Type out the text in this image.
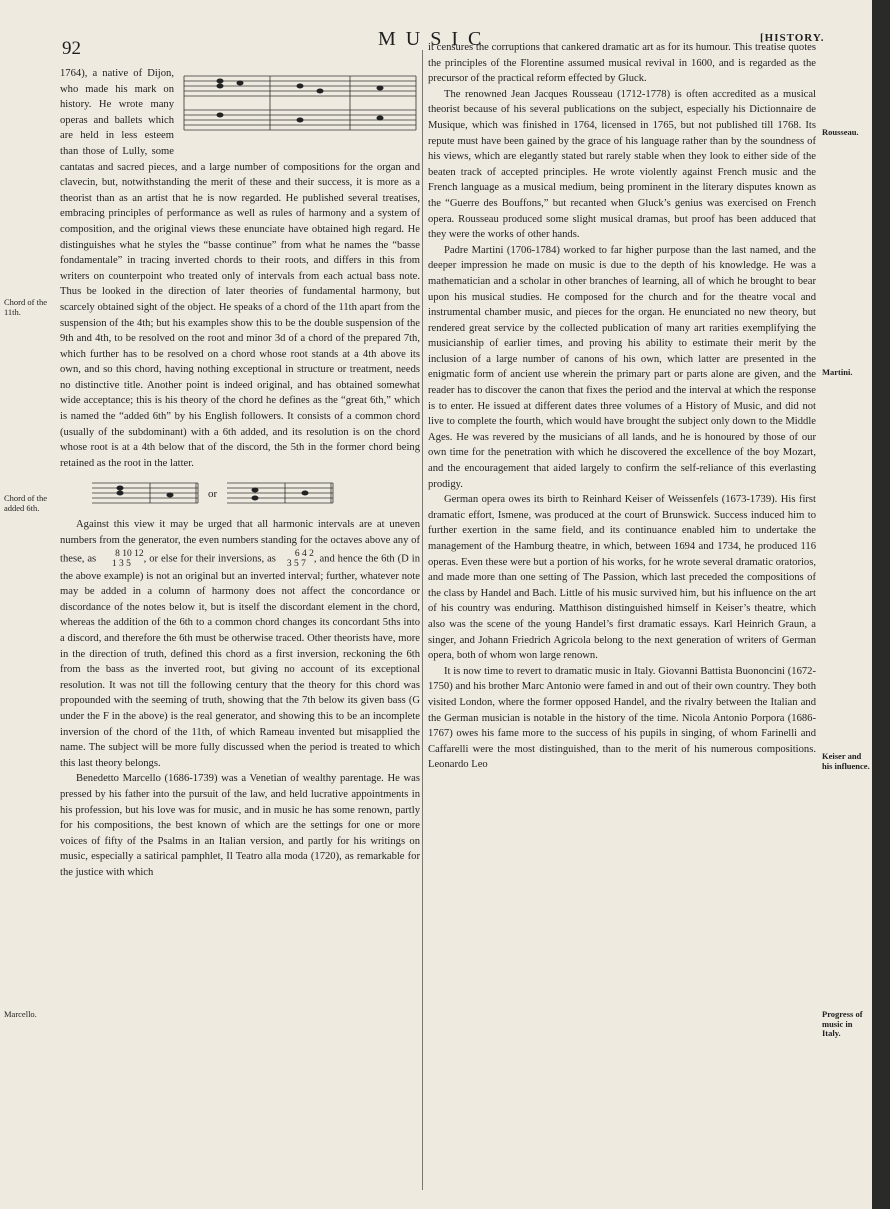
92	MUSIC	[HISTORY.

1764), a native of Dijon, who made his mark on history. He wrote many operas and ballets which are held in less esteem than those of Lully, some cantatas and sacred pieces, and a large number of compositions for the organ and clavecin, but, notwithstanding the merit of these and their success, it is more as a theorist than as an artist that he is now regarded. He published several treatises, embracing principles of performance as well as rules of harmony and a system of composition, and the original views these enunciate have obtained high regard. He distinguishes what he styles the “basse continue” from what he names the “basse fondamentale” in tracing inverted chords to their roots, and differs in this from writers on counterpoint who treated only of intervals from each actual bass note. Thus be looked in the direction of later theories of fundamental harmony, but scarcely obtained sight of the object. He speaks of a chord of the 11th apart from the suspension of the 4th; but his examples show this to be the double suspension of the 9th and 4th, to be resolved on the root and minor 3d of a chord of the prepared 7th, which further has to be resolved on a chord whose root stands at a 4th above its own, and so this chord, having nothing exceptional in structure or treatment, needs no distinctive title. Another point is indeed original, and has obtained somewhat wide acceptance; this is his theory of the chord he defines as the “great 6th,” which is named the “added 6th” by his English followers. It consists of a common chord (usually of the subdominant) with a 6th added, and its resolution is on the chord whose root is at a 4th below that of the discord, the 5th in the former chord being retained as the root in the latter.

or

Against this view it may be urged that all harmonic intervals are at uneven numbers from the generator, the even numbers standing for the octaves above any of these, as 8 10 12
1 3 5 , or else for their inversions, as 6 4 2
3 5 7 , and hence the 6th (D in the above example) is not an original but an inverted interval; further, whatever note may be added in a column of harmony does not affect the concordance or discordance of the notes below it, but is itself the discordant element in the chord, whereas the addition of the 6th to a common chord changes its concordant 5ths into a discord, and therefore the 6th must be otherwise traced. Other theorists have, more in the direction of truth, defined this chord as a first inversion, reckoning the 6th from the bass as the inverted root, but giving no account of its exceptional resolution. It was not till the following century that the theory for this chord was propounded with the seeming of truth, showing that the 7th below its given bass (G under the F in the above) is the real generator, and showing this to be an incomplete inversion of the chord of the 11th, of which Rameau invented but misapplied the name. The subject will be more fully discussed when the period is treated to which this last theory belongs.

Benedetto Marcello (1686-1739) was a Venetian of wealthy parentage. He was pressed by his father into the pursuit of the law, and held lucrative appointments in his profession, but his love was for music, and in music he has some renown, partly for his compositions, the best known of which are the settings for one or more voices of fifty of the Psalms in an Italian version, and partly for his writings on music, especially a satirical pamphlet, Il Teatro alla moda (1720), as remarkable for the justice with which

it censures the corruptions that cankered dramatic art as for its humour. This treatise quotes the principles of the Florentine assumed musical revival in 1600, and is regarded as the precursor of the practical reform effected by Gluck.

The renowned Jean Jacques Rousseau (1712-1778) is often accredited as a musical theorist because of his several publications on the subject, especially his Dictionnaire de Musique, which was finished in 1764, licensed in 1765, but not published till 1768. Its repute must have been gained by the grace of his language rather than by the soundness of his views, which are elegantly stated but rarely stable when they look to either side of the beaten track of accepted principles. He wrote violently against French music and the French language as a musical medium, being prominent in the literary disputes known as the “Guerre des Bouffons,” but recanted when Gluck’s genius was exercised on French opera. Rousseau produced some slight musical dramas, but proof has been adduced that they were the works of other hands.

Padre Martini (1706-1784) worked to far higher purpose than the last named, and the deeper impression he made on music is due to the depth of his knowledge. He was a mathematician and a scholar in other branches of learning, all of which he brought to bear upon his musical studies. He composed for the church and for the theatre vocal and instrumental chamber music, and pieces for the organ. He enunciated no new theory, but rendered great service by the collected publication of many art rarities exemplifying the musicianship of earlier times, and proving his ability to estimate their merit by the inclusion of a large number of canons of his own, which latter are presented in the enigmatic form of ancient use wherein the primary part or parts alone are given, and the reader has to discover the canon that fixes the period and the interval at which the response is to enter. He issued at different dates three volumes of a History of Music, and did not live to complete the fourth, which would have brought the subject only down to the Middle Ages. He was revered by the musicians of all lands, and he is honoured by those of our own time for the penetration with which he discovered the excellence of the boy Mozart, and the encouragement that aided largely to confirm the self-reliance of this everlasting prodigy.

German opera owes its birth to Reinhard Keiser of Weissenfels (1673-1739). His first dramatic effort, Ismene, was produced at the court of Brunswick. Success induced him to further exertion in the same field, and its continuance enabled him to undertake the management of the Hamburg theatre, in which, between 1694 and 1734, he produced 116 operas. Even these were but a portion of his works, for he wrote several dramatic oratorios, and made more than one setting of The Passion, which last preceded the compositions of the class by Handel and Bach. Little of his music survived him, but his influence on the art of his country was enduring. Matthison distinguished himself in Keiser’s theatre, which also was the scene of the young Handel’s first dramatic essays. Karl Heinrich Graun, a singer, and Johann Friedrich Agricola belong to the next generation of writers of German opera, both of whom won large renown.

It is now time to revert to dramatic music in Italy. Giovanni Battista Buononcini (1672-1750) and his brother Marc Antonio were famed in and out of their own country. They both visited London, where the former opposed Handel, and the rivalry between the Italian and the German musician is notable in the history of the time. Nicola Antonio Porpora (1686-1767) owes his fame more to the success of his pupils in singing, of whom Farinelli and Caffarelli were the most distinguished, than to the merit of his numerous compositions. Leonardo Leo

Rousseau.
Martini.
Keiser and his influence.
Progress of music in Italy.
Chord of the 11th.
Chord of the added 6th.
Marcello.
